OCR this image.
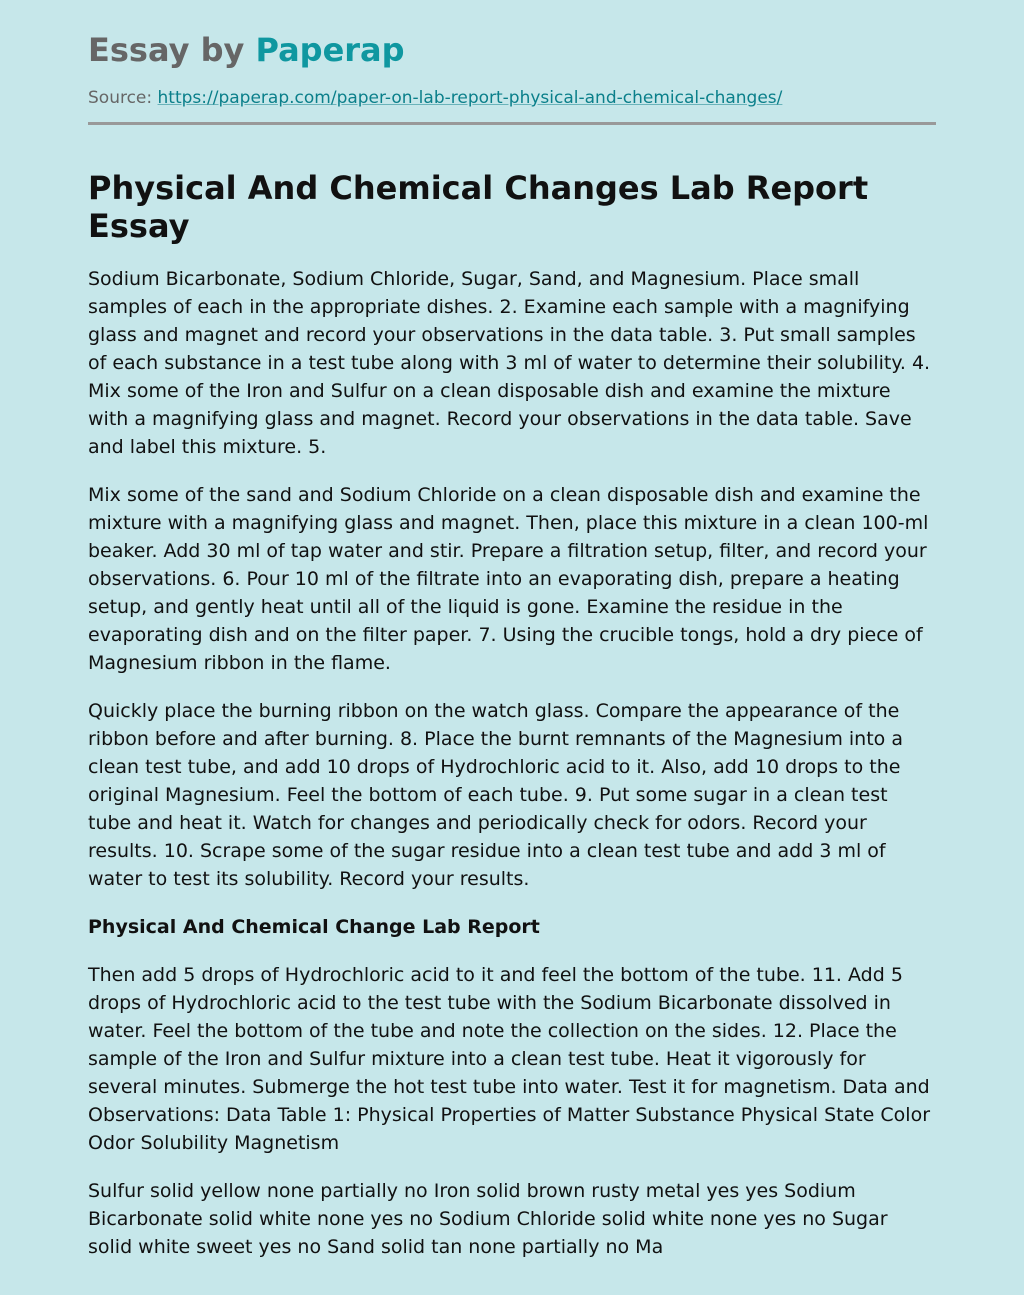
Essay by Paperap
Source: https://paperap.com/paper-on-lab-report-physical-and-chemical-changes/
Physical And Chemical Changes Lab Report Essay

Sodium Bicarbonate, Sodium Chloride, Sugar, Sand, and Magnesium. Place small samples of each in the appropriate dishes. 2. Examine each sample with a magnifying glass and magnet and record your observations in the data table. 3. Put small samples of each substance in a test tube along with 3 ml of water to determine their solubility. 4. Mix some of the Iron and Sulfur on a clean disposable dish and examine the mixture with a magnifying glass and magnet. Record your observations in the data table. Save and label this mixture. 5.

Mix some of the sand and Sodium Chloride on a clean disposable dish and examine the mixture with a magnifying glass and magnet. Then, place this mixture in a clean 100-ml beaker. Add 30 ml of tap water and stir. Prepare a filtration setup, filter, and record your observations. 6. Pour 10 ml of the filtrate into an evaporating dish, prepare a heating setup, and gently heat until all of the liquid is gone. Examine the residue in the evaporating dish and on the filter paper. 7. Using the crucible tongs, hold a dry piece of Magnesium ribbon in the flame.

Quickly place the burning ribbon on the watch glass. Compare the appearance of the ribbon before and after burning. 8. Place the burnt remnants of the Magnesium into a clean test tube, and add 10 drops of Hydrochloric acid to it. Also, add 10 drops to the original Magnesium. Feel the bottom of each tube. 9. Put some sugar in a clean test tube and heat it. Watch for changes and periodically check for odors. Record your results. 10. Scrape some of the sugar residue into a clean test tube and add 3 ml of water to test its solubility. Record your results.

Physical And Chemical Change Lab Report

Then add 5 drops of Hydrochloric acid to it and feel the bottom of the tube. 11. Add 5 drops of Hydrochloric acid to the test tube with the Sodium Bicarbonate dissolved in water. Feel the bottom of the tube and note the collection on the sides. 12. Place the sample of the Iron and Sulfur mixture into a clean test tube. Heat it vigorously for several minutes. Submerge the hot test tube into water. Test it for magnetism. Data and Observations: Data Table 1: Physical Properties of Matter Substance Physical State Color Odor Solubility Magnetism

Sulfur solid yellow none partially no Iron solid brown rusty metal yes yes Sodium Bicarbonate solid white none yes no Sodium Chloride solid white none yes no Sugar solid white sweet yes no Sand solid tan none partially no Ma
